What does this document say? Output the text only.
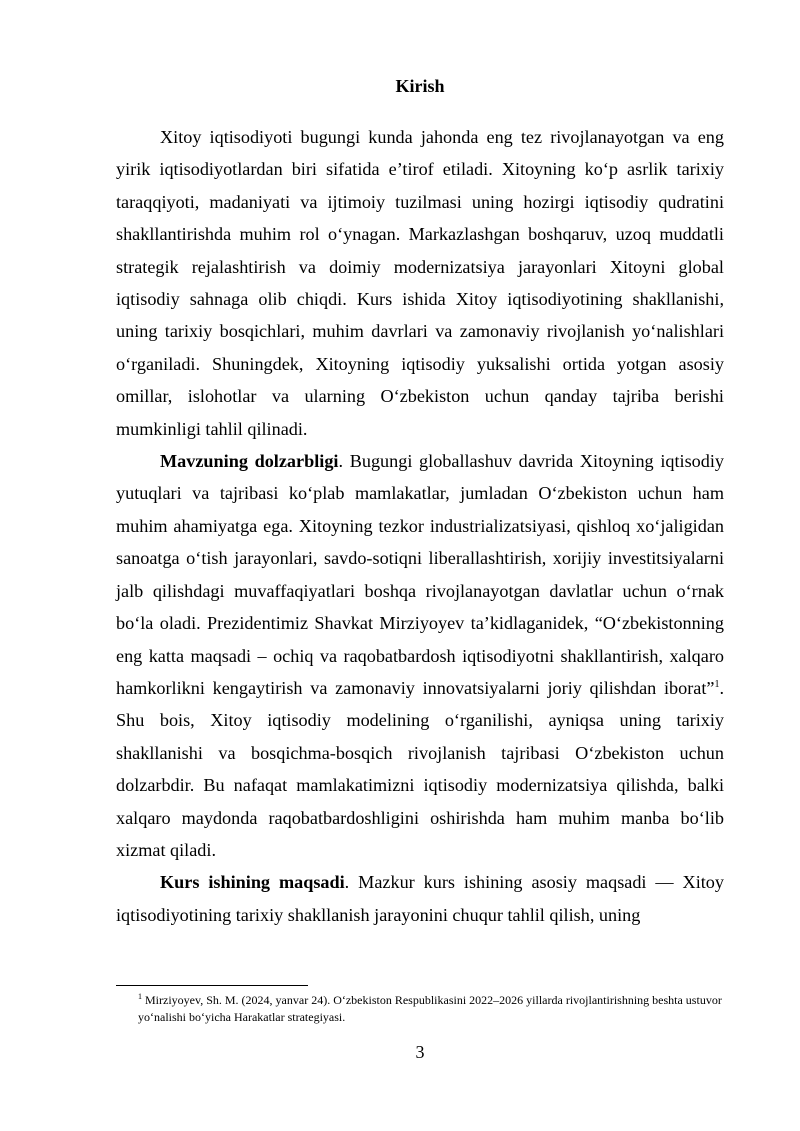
Kirish

Xitoy iqtisodiyoti bugungi kunda jahonda eng tez rivojlanayotgan va eng yirik iqtisodiyotlardan biri sifatida e’tirof etiladi. Xitoyning ko‘p asrlik tarixiy taraqqiyoti, madaniyati va ijtimoiy tuzilmasi uning hozirgi iqtisodiy qudratini shakllantirishda muhim rol o‘ynagan. Markazlashgan boshqaruv, uzoq muddatli strategik rejalashtirish va doimiy modernizatsiya jarayonlari Xitoyni global iqtisodiy sahnaga olib chiqdi. Kurs ishida Xitoy iqtisodiyotining shakllanishi, uning tarixiy bosqichlari, muhim davrlari va zamonaviy rivojlanish yo‘nalishlari o‘rganiladi. Shuningdek, Xitoyning iqtisodiy yuksalishi ortida yotgan asosiy omillar, islohotlar va ularning O‘zbekiston uchun qanday tajriba berishi mumkinligi tahlil qilinadi.

Mavzuning dolzarbligi. Bugungi globallashuv davrida Xitoyning iqtisodiy yutuqlari va tajribasi ko‘plab mamlakatlar, jumladan O‘zbekiston uchun ham muhim ahamiyatga ega. Xitoyning tezkor industrializatsiyasi, qishloq xo‘jaligidan sanoatga o‘tish jarayonlari, savdo-sotiqni liberallashtirish, xorijiy investitsiyalarni jalb qilishdagi muvaffaqiyatlari boshqa rivojlanayotgan davlatlar uchun o‘rnak bo‘la oladi. Prezidentimiz Shavkat Mirziyoyev ta’kidlaganidek, “O‘zbekistonning eng katta maqsadi – ochiq va raqobatbardosh iqtisodiyotni shakllantirish, xalqaro hamkorlikni kengaytirish va zamonaviy innovatsiyalarni joriy qilishdan iborat”$^1$. Shu bois, Xitoy iqtisodiy modelining o‘rganilishi, ayniqsa uning tarixiy shakllanishi va bosqichma-bosqich rivojlanish tajribasi O‘zbekiston uchun dolzarbdir. Bu nafaqat mamlakatimizni iqtisodiy modernizatsiya qilishda, balki xalqaro maydonda raqobatbardoshligini oshirishda ham muhim manba bo‘lib xizmat qiladi.

Kurs ishining maqsadi. Mazkur kurs ishining asosiy maqsadi — Xitoy iqtisodiyotining tarixiy shakllanish jarayonini chuqur tahlil qilish, uning

$^1$ Mirziyoyev, Sh. M. (2024, yanvar 24). O‘zbekiston Respublikasini 2022–2026 yillarda rivojlantirishning beshta ustuvor yo‘nalishi bo‘yicha Harakatlar strategiyasi.
3
